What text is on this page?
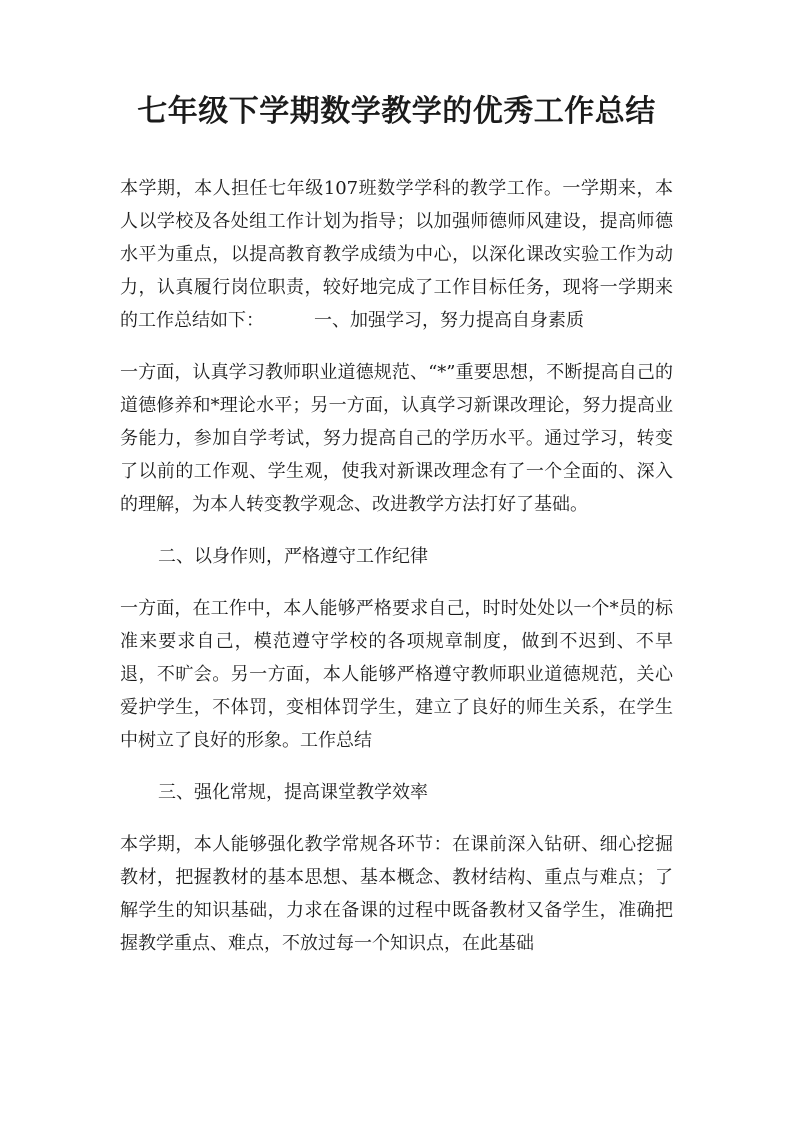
七年级下学期数学教学的优秀工作总结

本学期，本人担任七年级107班数学学科的教学工作。一学期来，本人以学校及各处组工作计划为指导；以加强师德师风建设，提高师德水平为重点，以提高教育教学成绩为中心，以深化课改实验工作为动力，认真履行岗位职责，较好地完成了工作目标任务，现将一学期来的工作总结如下：	一、加强学习，努力提高自身素质

一方面，认真学习教师职业道德规范、“*”重要思想，不断提高自己的道德修养和*理论水平；另一方面，认真学习新课改理论，努力提高业务能力，参加自学考试，努力提高自己的学历水平。通过学习，转变了以前的工作观、学生观，使我对新课改理念有了一个全面的、深入的理解，为本人转变教学观念、改进教学方法打好了基础。

二、以身作则，严格遵守工作纪律

一方面，在工作中，本人能够严格要求自己，时时处处以一个*员的标准来要求自己，模范遵守学校的各项规章制度，做到不迟到、不早退，不旷会。另一方面，本人能够严格遵守教师职业道德规范，关心爱护学生，不体罚，变相体罚学生，建立了良好的师生关系，在学生中树立了良好的形象。工作总结

三、强化常规，提高课堂教学效率

本学期，本人能够强化教学常规各环节：在课前深入钻研、细心挖掘教材，把握教材的基本思想、基本概念、教材结构、重点与难点；了解学生的知识基础，力求在备课的过程中既备教材又备学生，准确把握教学重点、难点，不放过每一个知识点，在此基础
